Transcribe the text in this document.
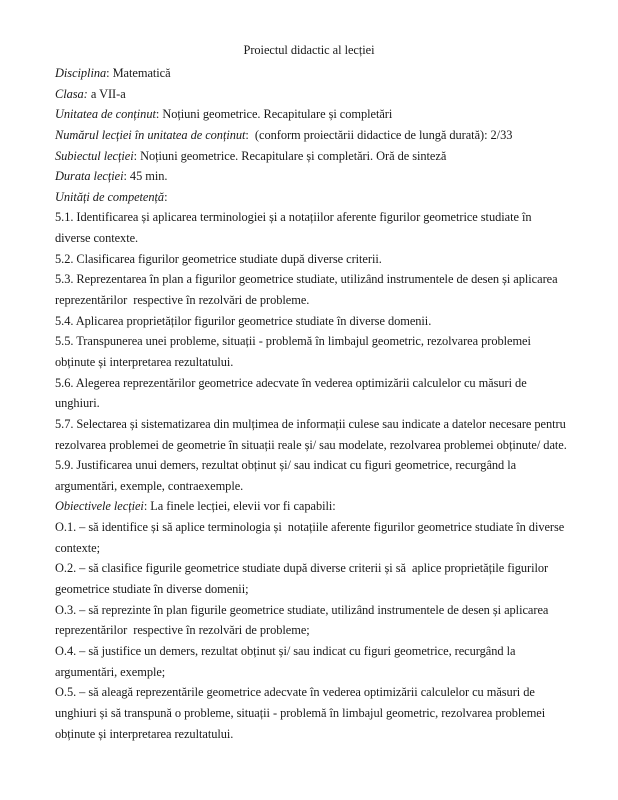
Proiectul didactic al lecției
Disciplina: Matematică
Clasa: a VII-a
Unitatea de conținut: Noțiuni geometrice. Recapitulare și completări
Numărul lecției în unitatea de conținut:  (conform proiectării didactice de lungă durată): 2/33
Subiectul lecției: Noțiuni geometrice. Recapitulare și completări. Oră de sinteză
Durata lecției: 45 min.
Unități de competență:
5.1. Identificarea și aplicarea terminologiei și a notațiilor aferente figurilor geometrice studiate în
diverse contexte.
5.2. Clasificarea figurilor geometrice studiate după diverse criterii.
5.3. Reprezentarea în plan a figurilor geometrice studiate, utilizând instrumentele de desen și aplicarea
reprezentărilor  respective în rezolvări de probleme.
5.4. Aplicarea proprietăților figurilor geometrice studiate în diverse domenii.
5.5. Transpunerea unei probleme, situații - problemă în limbajul geometric, rezolvarea problemei
obținute și interpretarea rezultatului.
5.6. Alegerea reprezentărilor geometrice adecvate în vederea optimizării calculelor cu măsuri de
unghiuri.
5.7. Selectarea și sistematizarea din mulțimea de informații culese sau indicate a datelor necesare pentru
rezolvarea problemei de geometrie în situații reale și/ sau modelate, rezolvarea problemei obținute/ date.
5.9. Justificarea unui demers, rezultat obținut și/ sau indicat cu figuri geometrice, recurgând la
argumentări, exemple, contraexemple.
Obiectivele lecției: La finele lecției, elevii vor fi capabili:
O.1. – să identifice și să aplice terminologia și  notațiile aferente figurilor geometrice studiate în diverse
contexte;
O.2. – să clasifice figurile geometrice studiate după diverse criterii și să  aplice proprietățile figurilor
geometrice studiate în diverse domenii;
O.3. – să reprezinte în plan figurile geometrice studiate, utilizând instrumentele de desen și aplicarea
reprezentărilor  respective în rezolvări de probleme;
O.4. – să justifice un demers, rezultat obținut și/ sau indicat cu figuri geometrice, recurgând la
argumentări, exemple;
O.5. – să aleagă reprezentările geometrice adecvate în vederea optimizării calculelor cu măsuri de
unghiuri și să transpună o probleme, situații - problemă în limbajul geometric, rezolvarea problemei
obținute și interpretarea rezultatului.
